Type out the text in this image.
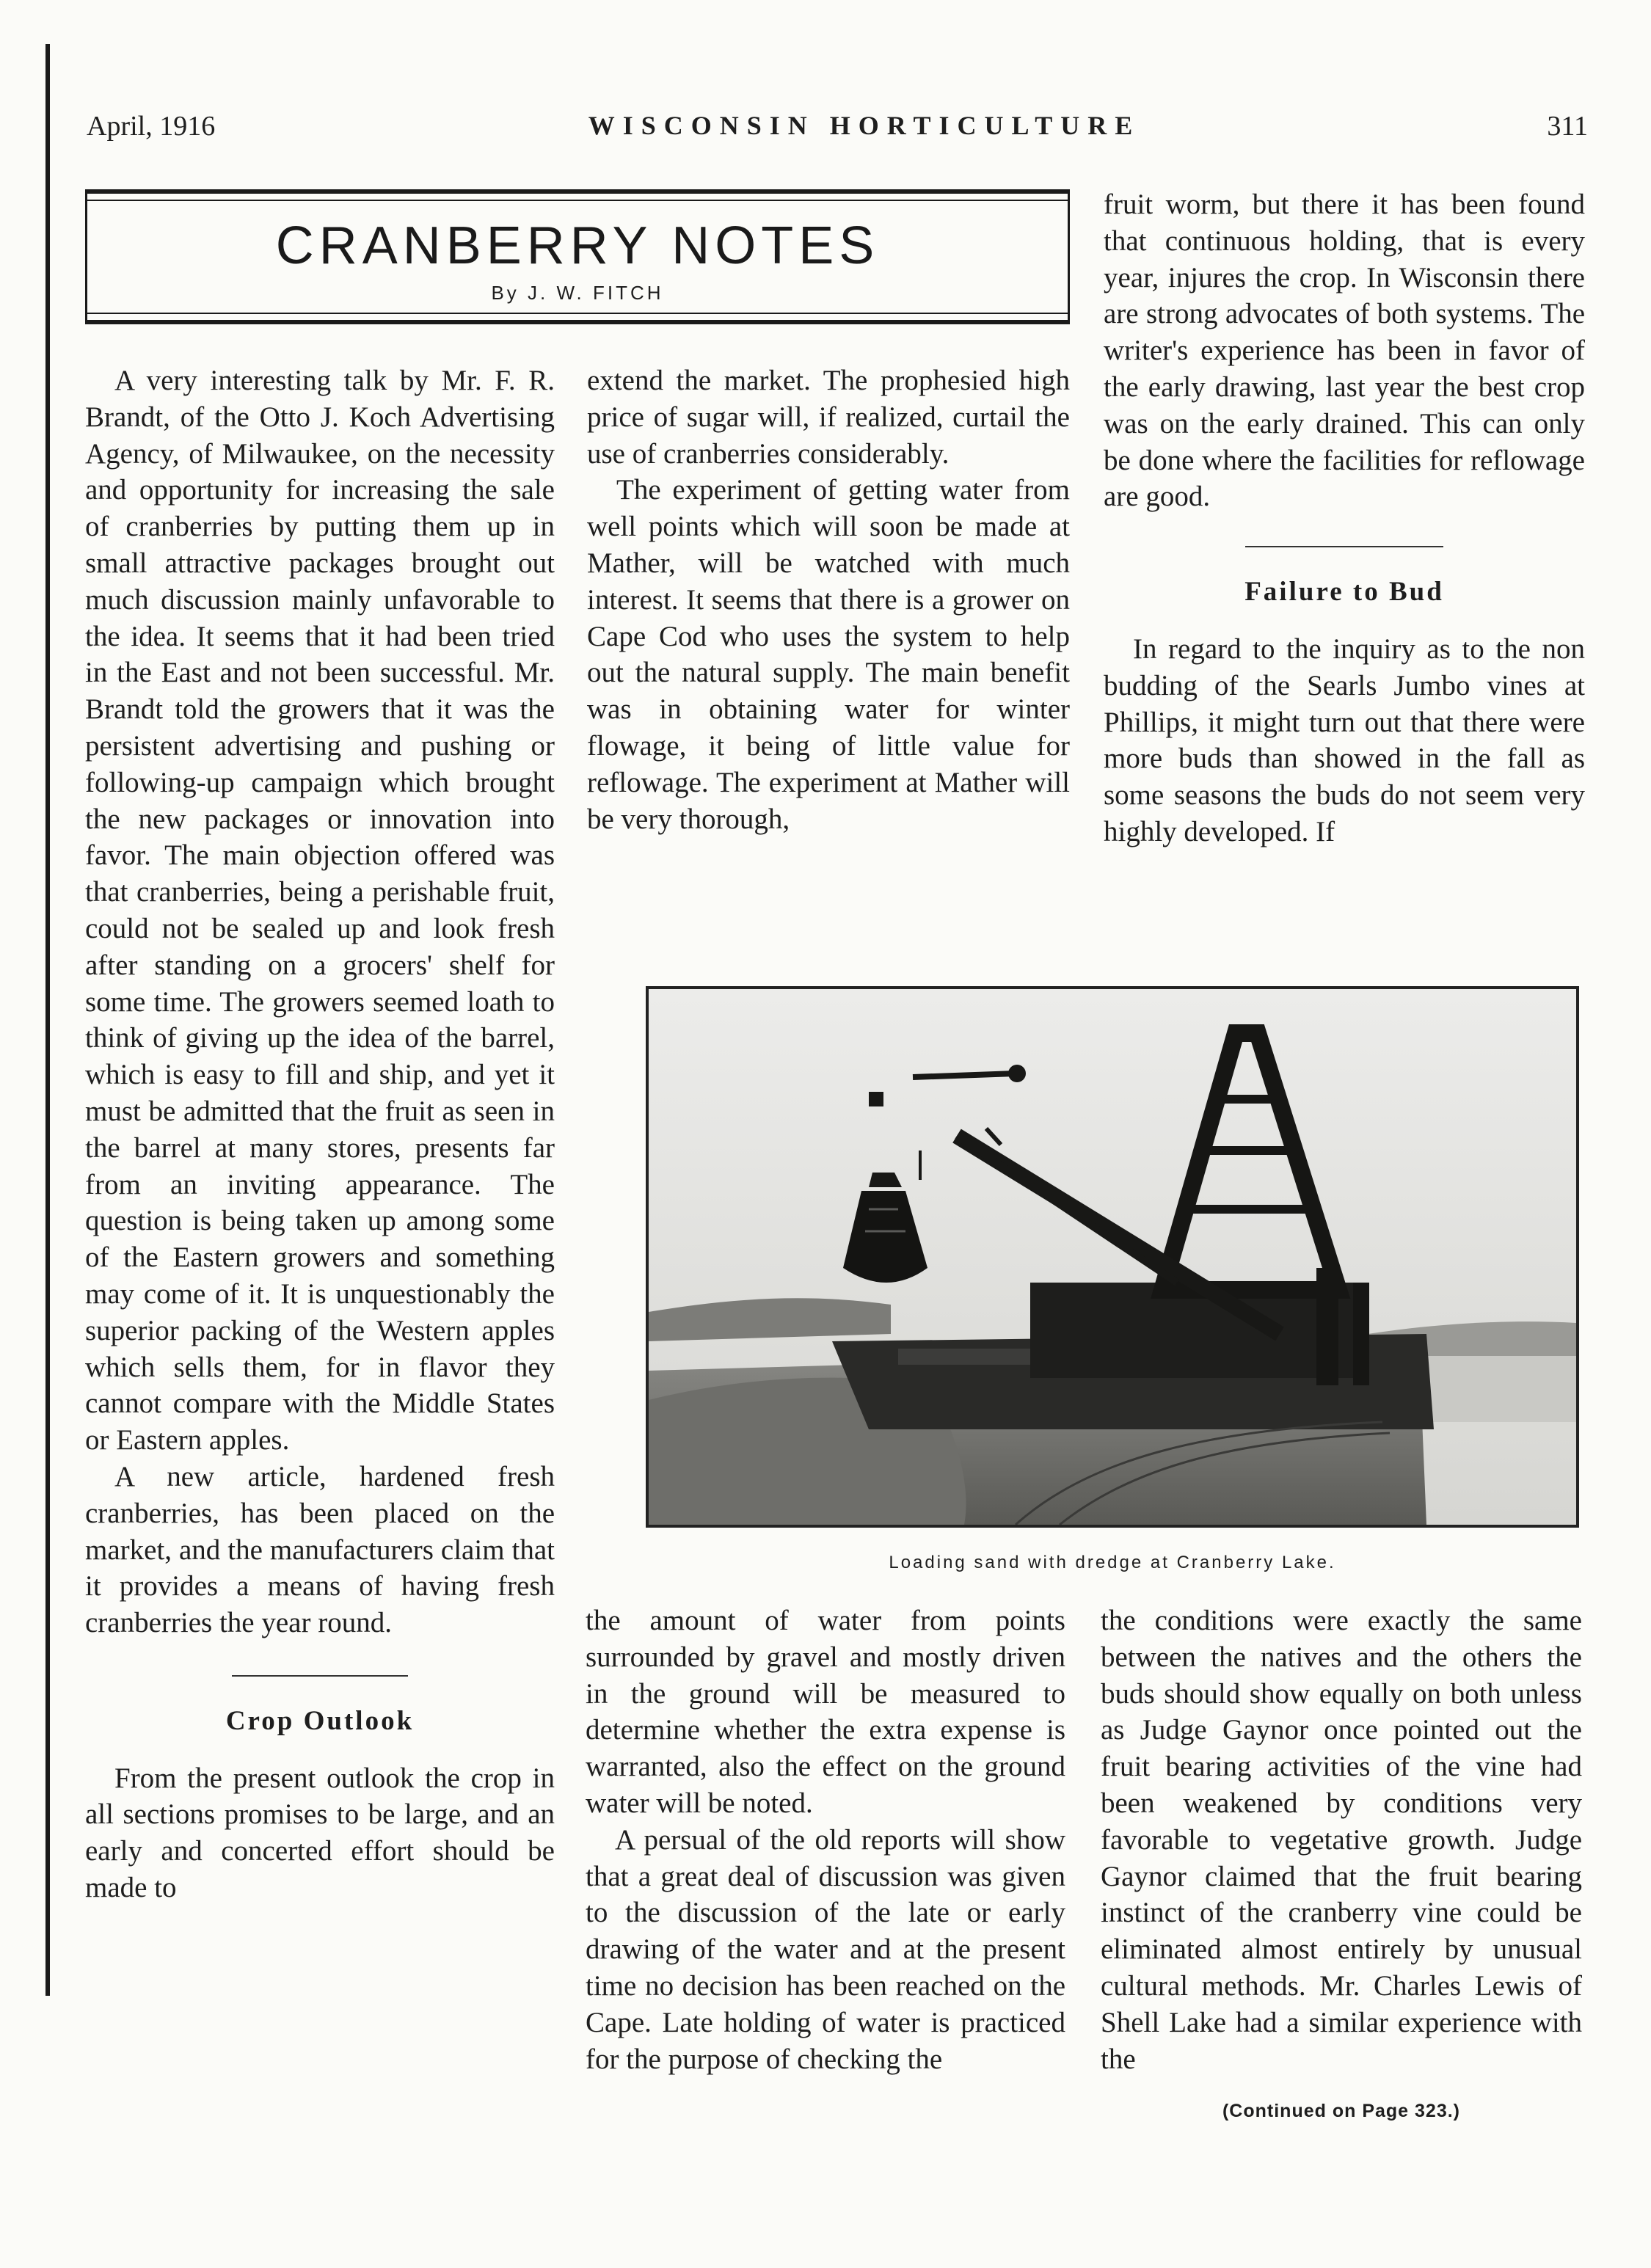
April, 1916	WISCONSIN HORTICULTURE	311
CRANBERRY NOTES
By J. W. FITCH

A very interesting talk by Mr. F. R. Brandt, of the Otto J. Koch Advertising Agency, of Milwaukee, on the necessity and opportunity for increasing the sale of cranberries by putting them up in small attractive packages brought out much discussion mainly unfavorable to the idea. It seems that it had been tried in the East and not been successful. Mr. Brandt told the growers that it was the persistent advertising and pushing or following-up campaign which brought the new packages or innovation into favor. The main objection offered was that cranberries, being a perishable fruit, could not be sealed up and look fresh after standing on a grocers' shelf for some time. The growers seemed loath to think of giving up the idea of the barrel, which is easy to fill and ship, and yet it must be admitted that the fruit as seen in the barrel at many stores, presents far from an inviting appearance. The question is being taken up among some of the Eastern growers and something may come of it. It is unquestionably the superior packing of the Western apples which sells them, for in flavor they cannot compare with the Middle States or Eastern apples.

A new article, hardened fresh cranberries, has been placed on the market, and the manufacturers claim that it provides a means of having fresh cranberries the year round.

Crop Outlook

From the present outlook the crop in all sections promises to be large, and an early and concerted effort should be made to

extend the market. The prophesied high price of sugar will, if realized, curtail the use of cranberries considerably.

The experiment of getting water from well points which will soon be made at Mather, will be watched with much interest. It seems that there is a grower on Cape Cod who uses the system to help out the natural supply. The main benefit was in obtaining water for winter flowage, it being of little value for reflowage. The experiment at Mather will be very thorough,

fruit worm, but there it has been found that continuous holding, that is every year, injures the crop. In Wisconsin there are strong advocates of both systems. The writer's experience has been in favor of the early drawing, last year the best crop was on the early drained. This can only be done where the facilities for reflowage are good.

Failure to Bud

In regard to the inquiry as to the non budding of the Searls Jumbo vines at Phillips, it might turn out that there were more buds than showed in the fall as some seasons the buds do not seem very highly developed. If

Loading sand with dredge at Cranberry Lake.

the amount of water from points surrounded by gravel and mostly driven in the ground will be measured to determine whether the extra expense is warranted, also the effect on the ground water will be noted.

A persual of the old reports will show that a great deal of discussion was given to the discussion of the late or early drawing of the water and at the present time no decision has been reached on the Cape. Late holding of water is practiced for the purpose of checking the

the conditions were exactly the same between the natives and the others the buds should show equally on both unless as Judge Gaynor once pointed out the fruit bearing activities of the vine had been weakened by conditions very favorable to vegetative growth. Judge Gaynor claimed that the fruit bearing instinct of the cranberry vine could be eliminated almost entirely by unusual cultural methods. Mr. Charles Lewis of Shell Lake had a similar experience with the

(Continued on Page 323.)
